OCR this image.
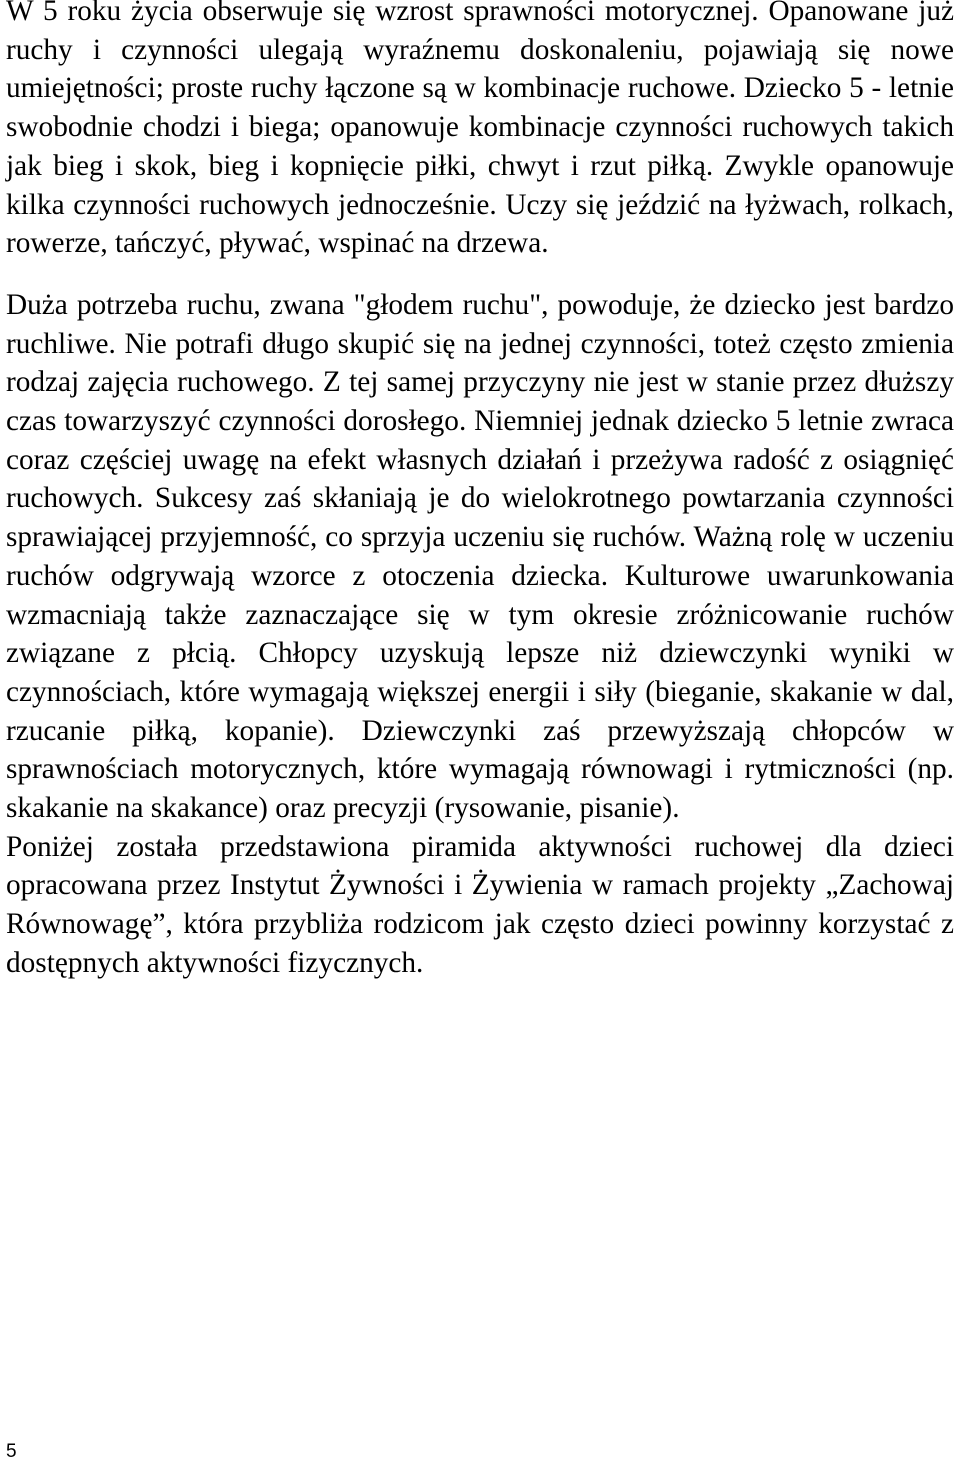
W 5 roku życia obserwuje się wzrost sprawności motorycznej. Opanowane już ruchy i czynności ulegają wyraźnemu doskonaleniu, pojawiają się nowe umiejętności; proste ruchy łączone są w kombinacje ruchowe. Dziecko 5 - letnie swobodnie chodzi i biega; opanowuje kombinacje czynności ruchowych takich jak bieg i skok, bieg i kopnięcie piłki, chwyt i rzut piłką. Zwykle opanowuje kilka czynności ruchowych jednocześnie. Uczy się jeździć na łyżwach, rolkach, rowerze, tańczyć, pływać, wspinać na drzewa.

Duża potrzeba ruchu, zwana "głodem ruchu", powoduje, że dziecko jest bardzo ruchliwe. Nie potrafi długo skupić się na jednej czynności, toteż często zmienia rodzaj zajęcia ruchowego. Z tej samej przyczyny nie jest w stanie przez dłuższy czas towarzyszyć czynności dorosłego. Niemniej jednak dziecko 5 letnie zwraca coraz częściej uwagę na efekt własnych działań i przeżywa radość z osiągnięć ruchowych. Sukcesy zaś skłaniają je do wielokrotnego powtarzania czynności sprawiającej przyjemność, co sprzyja uczeniu się ruchów. Ważną rolę w uczeniu ruchów odgrywają wzorce z otoczenia dziecka. Kulturowe uwarunkowania wzmacniają także zaznaczające się w tym okresie zróżnicowanie ruchów związane z płcią. Chłopcy uzyskują lepsze niż dziewczynki wyniki w czynnościach, które wymagają większej energii i siły (bieganie, skakanie w dal, rzucanie piłką, kopanie). Dziewczynki zaś przewyższają chłopców w sprawnościach motorycznych, które wymagają równowagi i rytmiczności (np. skakanie na skakance) oraz precyzji (rysowanie, pisanie).

Poniżej została przedstawiona piramida aktywności ruchowej dla dzieci opracowana przez Instytut Żywności i Żywienia w ramach projekty „Zachowaj Równowagę”, która przybliża rodzicom jak często dzieci powinny korzystać z dostępnych aktywności fizycznych.

5
